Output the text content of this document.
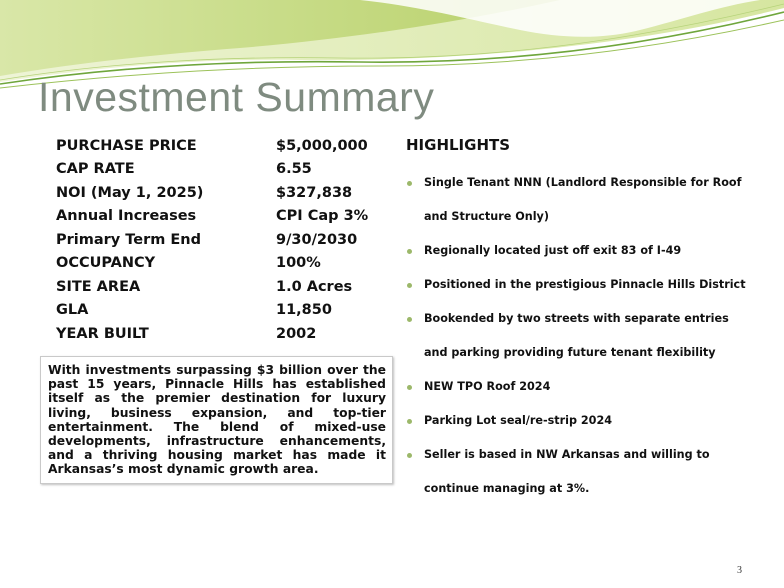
Investment Summary
PURCHASE PRICE	$5,000,000
CAP RATE	6.55
NOI (May 1, 2025)	$327,838
Annual Increases	CPI Cap 3%
Primary Term End	9/30/2030
OCCUPANCY	100%
SITE AREA	1.0 Acres
GLA	11,850
YEAR BUILT	2002
With investments surpassing $3 billion over the past 15 years, Pinnacle Hills has established itself as the premier destination for luxury living, business expansion, and top-tier entertainment. The blend of mixed-use developments, infrastructure enhancements, and a thriving housing market has made it Arkansas’s most dynamic growth area.
HIGHLIGHTS
Single Tenant NNN (Landlord Responsible for Roof and Structure Only)
Regionally located just off exit 83 of I-49
Positioned in the prestigious Pinnacle Hills District
Bookended by two streets with separate entries and parking providing future tenant flexibility
NEW TPO Roof 2024
Parking Lot seal/re-strip 2024
Seller is based in NW Arkansas and willing to continue managing at 3%.
3
